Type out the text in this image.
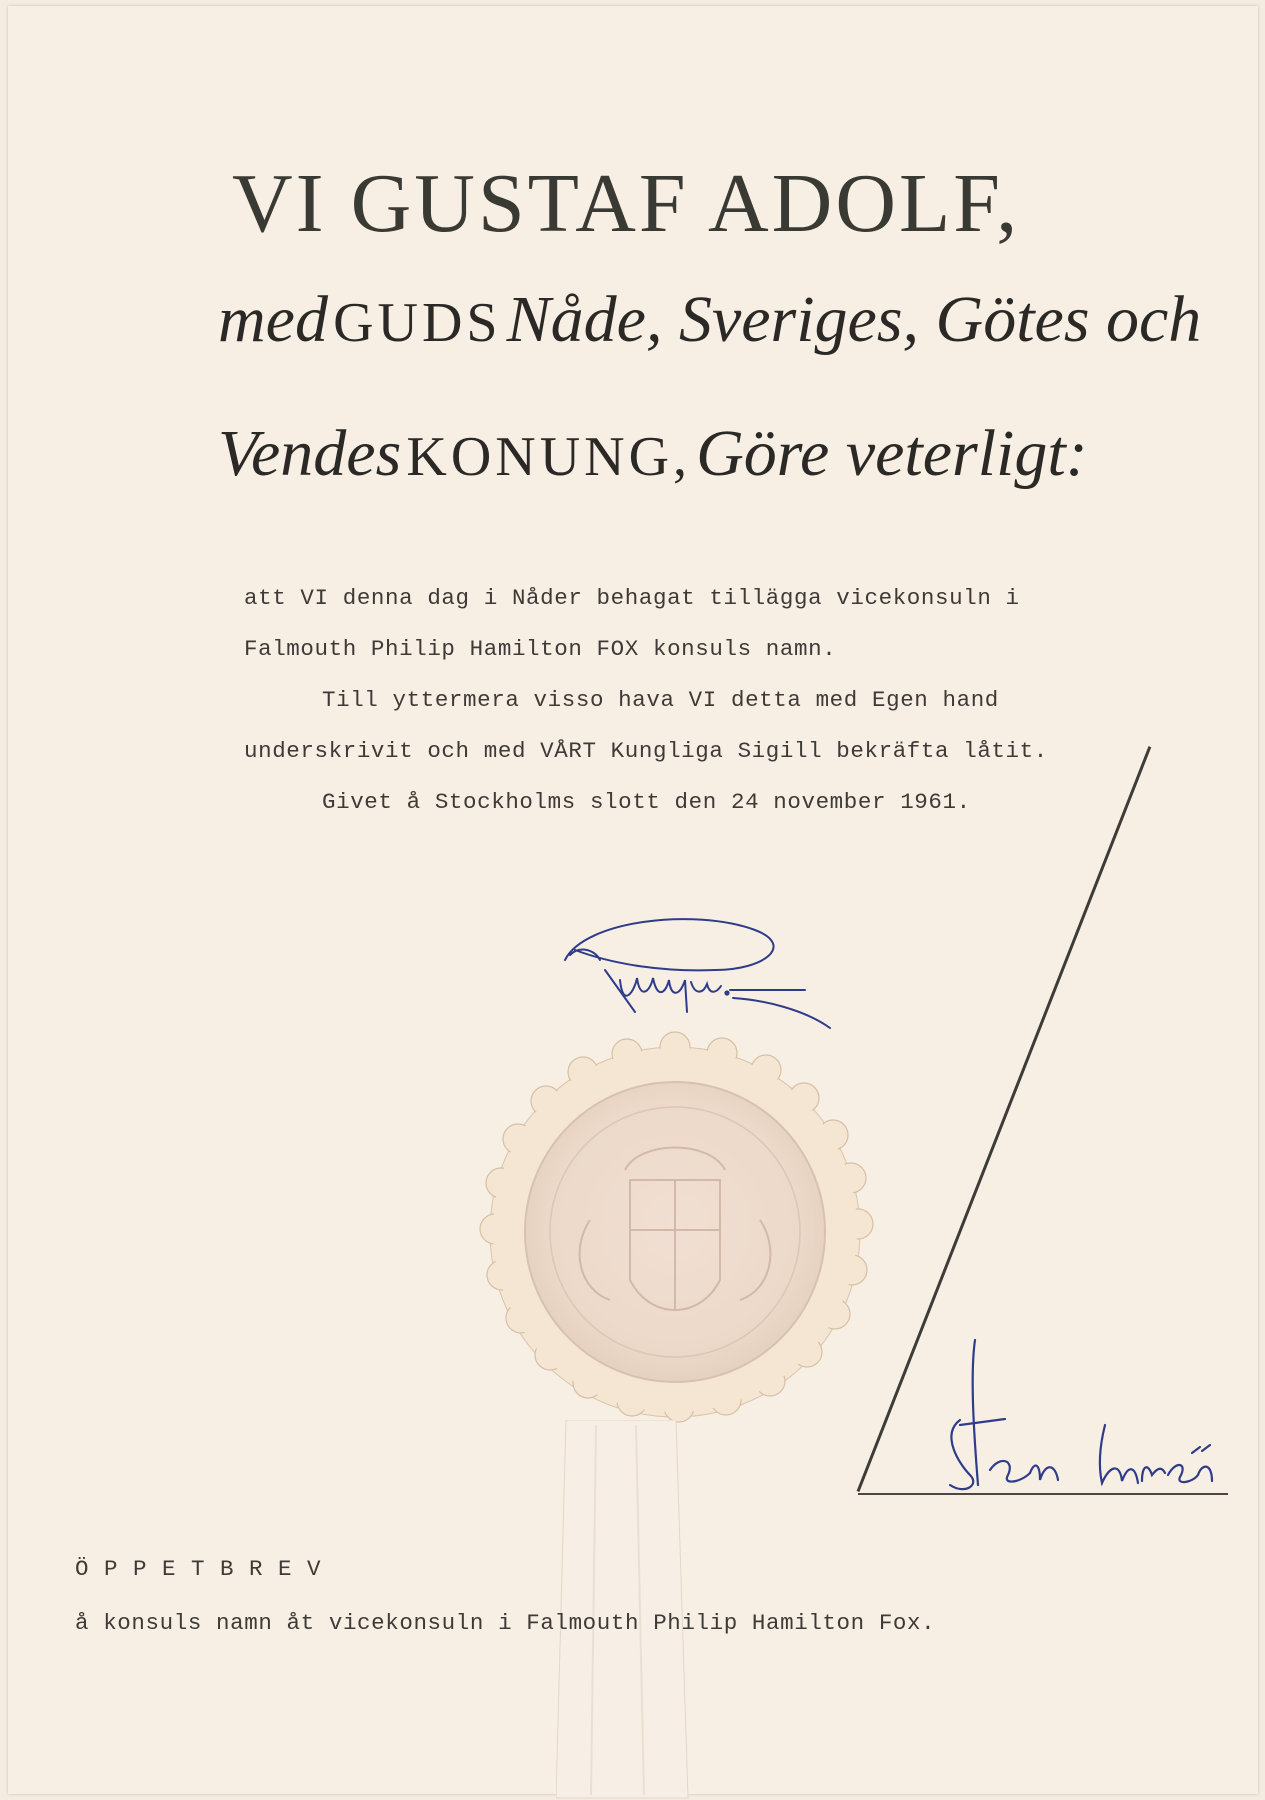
VI GUSTAF ADOLF,
med GUDS Nåde, Sveriges, Götes och
Vendes KONUNG, Göre veterligt:
att VI denna dag i Nåder behagat tillägga vicekonsuln i
Falmouth Philip Hamilton FOX konsuls namn.
Till yttermera visso hava VI detta med Egen hand
underskrivit och med VÅRT Kungliga Sigill bekräfta låtit.
Givet å Stockholms slott den 24 november 1961.
Ö P P E T B R E V
å konsuls namn åt vicekonsuln i Falmouth Philip Hamilton Fox.
